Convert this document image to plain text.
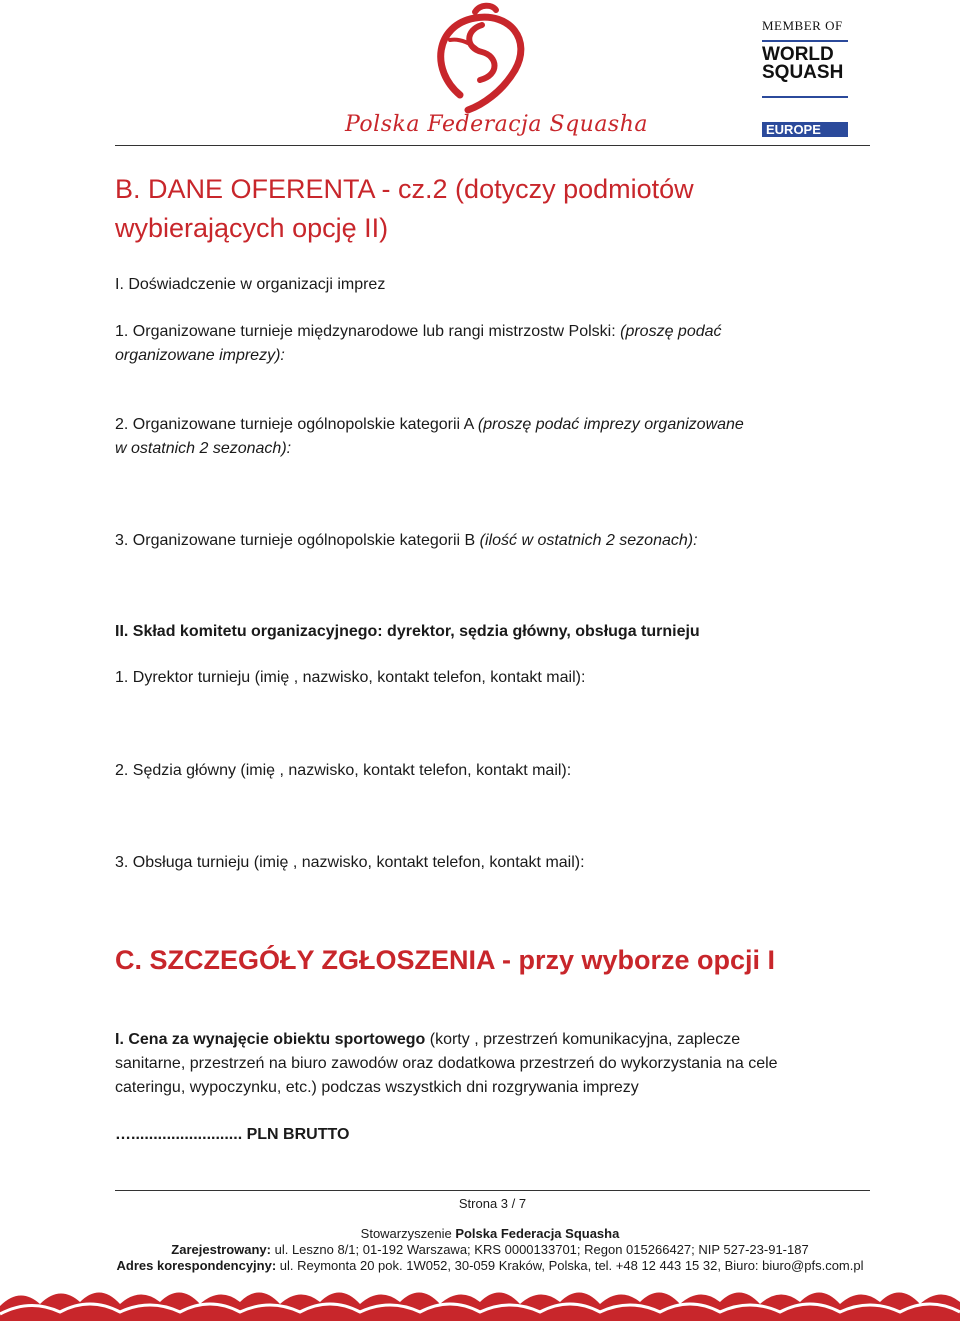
Polska Federacja Squasha
MEMBER OF
WORLD
SQUASH
EUROPE
B. DANE OFERENTA - cz.2 (dotyczy podmiotów
wybierających opcję II)
I. Doświadczenie w organizacji imprez
1. Organizowane turnieje międzynarodowe lub rangi mistrzostw Polski: (proszę podać
organizowane imprezy):
2. Organizowane turnieje ogólnopolskie kategorii A (proszę podać imprezy organizowane
w ostatnich 2 sezonach):
3. Organizowane turnieje ogólnopolskie kategorii B (ilość w ostatnich 2 sezonach):
II. Skład komitetu organizacyjnego: dyrektor, sędzia główny, obsługa turnieju
1. Dyrektor turnieju (imię , nazwisko, kontakt telefon, kontakt mail):
2. Sędzia główny (imię , nazwisko, kontakt telefon, kontakt mail):
3. Obsługa turnieju (imię , nazwisko, kontakt telefon, kontakt mail):
C. SZCZEGÓŁY ZGŁOSZENIA - przy wyborze opcji I
I. Cena za wynajęcie obiektu sportowego (korty , przestrzeń komunikacyjna, zaplecze
sanitarne, przestrzeń na biuro zawodów oraz dodatkowa przestrzeń do wykorzystania na cele
cateringu, wypoczynku, etc.) podczas wszystkich dni rozgrywania imprezy
…......................... PLN BRUTTO
Strona 3 / 7
Stowarzyszenie Polska Federacja Squasha
Zarejestrowany: ul. Leszno 8/1; 01-192 Warszawa; KRS 0000133701; Regon 015266427; NIP 527-23-91-187
Adres korespondencyjny: ul. Reymonta 20 pok. 1W052, 30-059 Kraków, Polska, tel. +48 12 443 15 32, Biuro: biuro@pfs.com.pl
